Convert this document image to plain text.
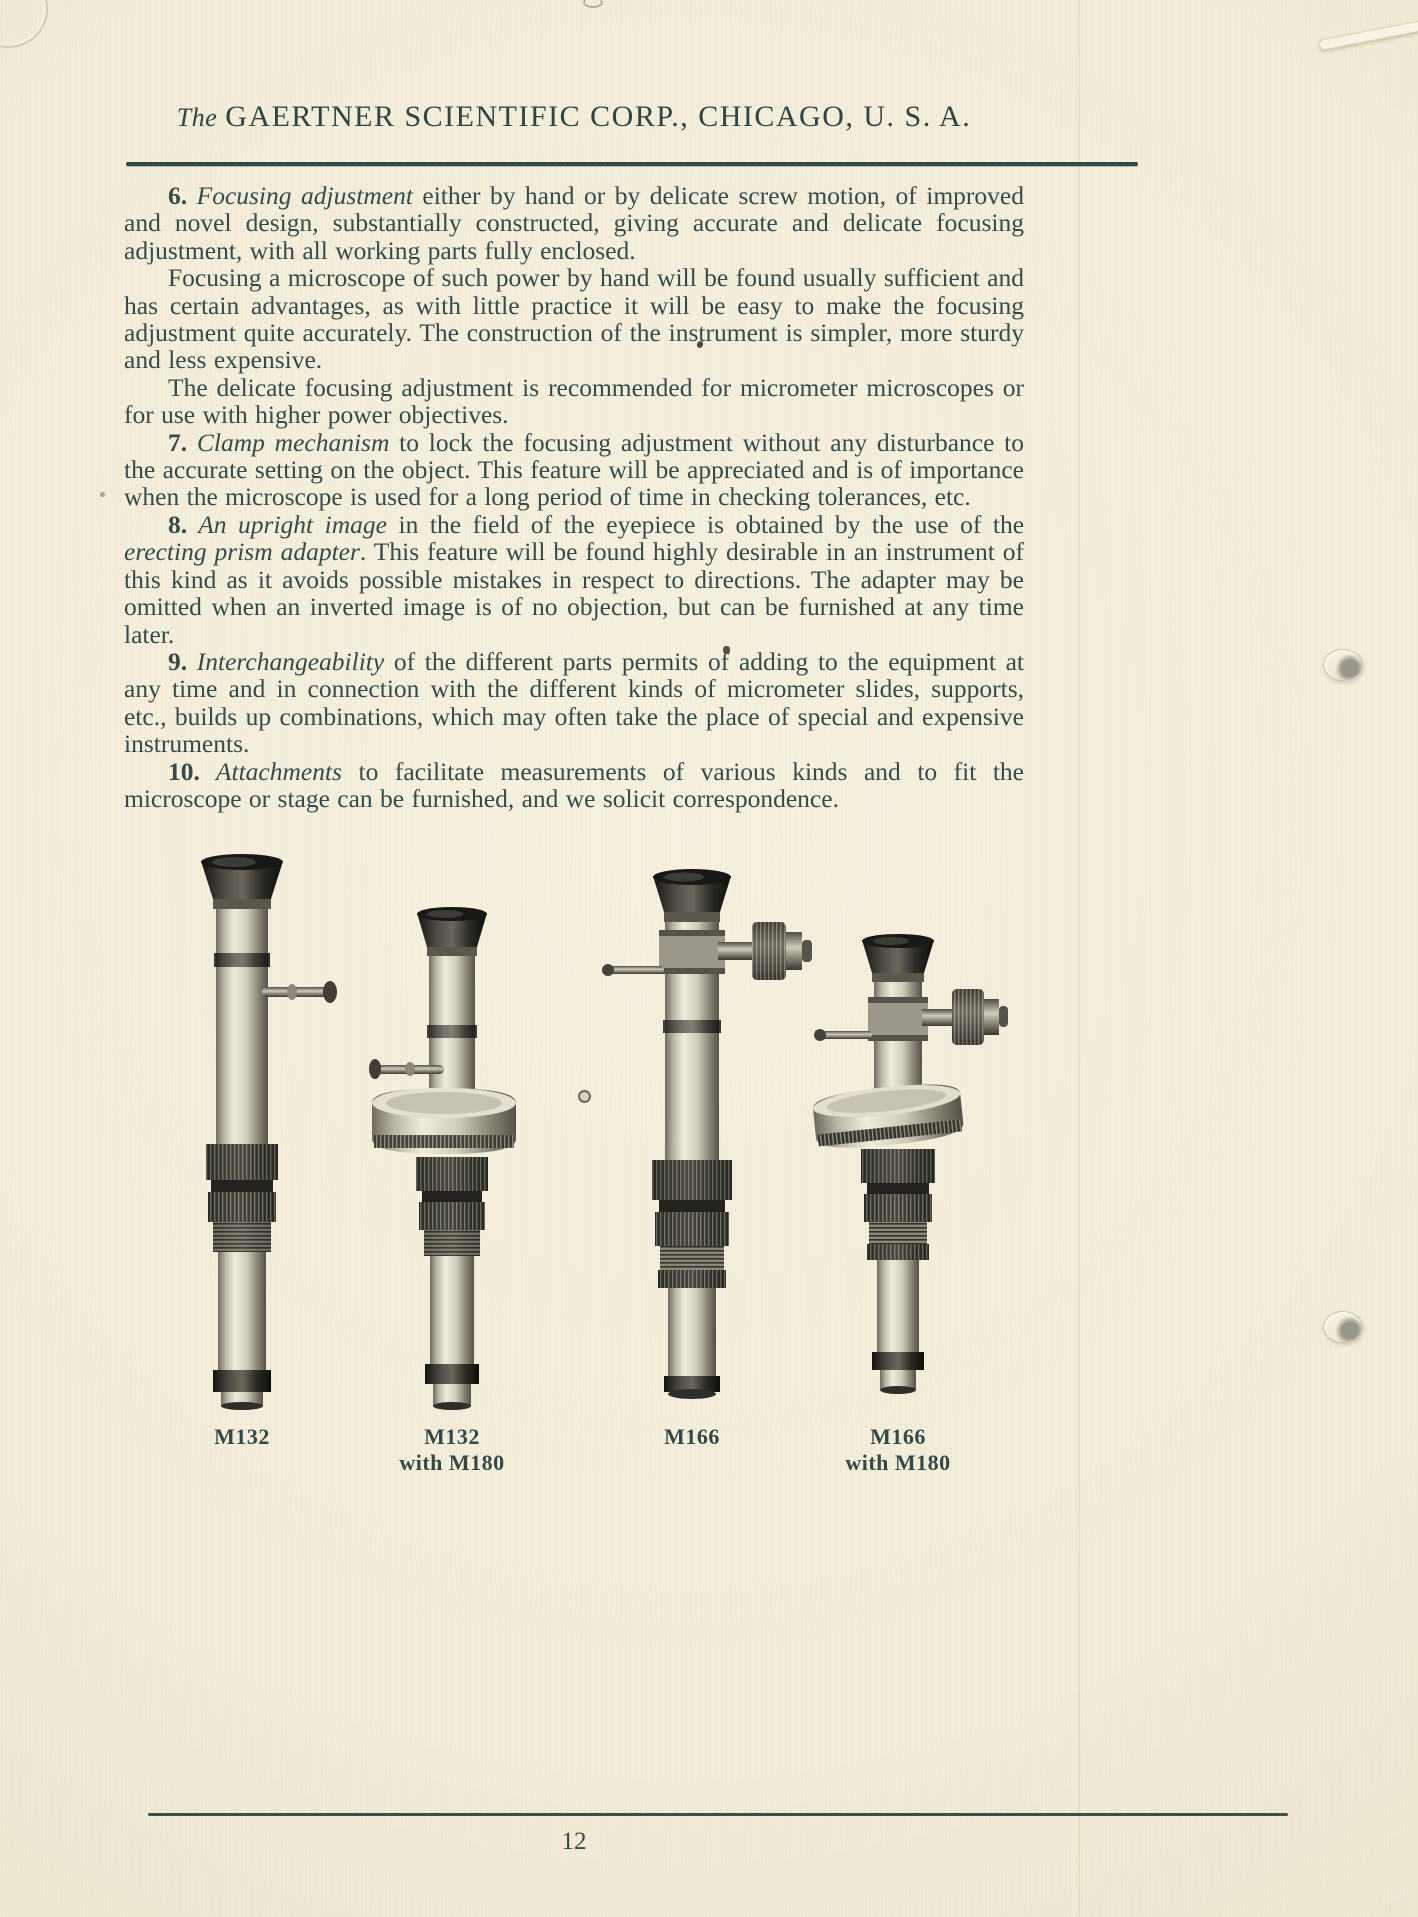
The GAERTNER SCIENTIFIC CORP., CHICAGO, U. S. A.

6. Focusing adjustment either by hand or by delicate screw motion, of improved and novel design, substantially constructed, giving accurate and delicate focusing adjustment, with all working parts fully enclosed.

Focusing a microscope of such power by hand will be found usually sufficient and has certain advantages, as with little practice it will be easy to make the focusing adjustment quite accurately. The construction of the instrument is simpler, more sturdy and less expensive.

The delicate focusing adjustment is recommended for micrometer microscopes or for use with higher power objectives.

7. Clamp mechanism to lock the focusing adjustment without any disturbance to the accurate setting on the object. This feature will be appreciated and is of importance when the microscope is used for a long period of time in checking tolerances, etc.

8. An upright image in the field of the eyepiece is obtained by the use of the erecting prism adapter. This feature will be found highly desirable in an instrument of this kind as it avoids possible mistakes in respect to directions. The adapter may be omitted when an inverted image is of no objection, but can be furnished at any time later.

9. Interchangeability of the different parts permits of adding to the equipment at any time and in connection with the different kinds of micrometer slides, supports, etc., builds up combinations, which may often take the place of special and expensive instruments.

10. Attachments to facilitate measurements of various kinds and to fit the microscope or stage can be furnished, and we solicit correspondence.

M132	M132
with M180
M166	M166
with M180
12
